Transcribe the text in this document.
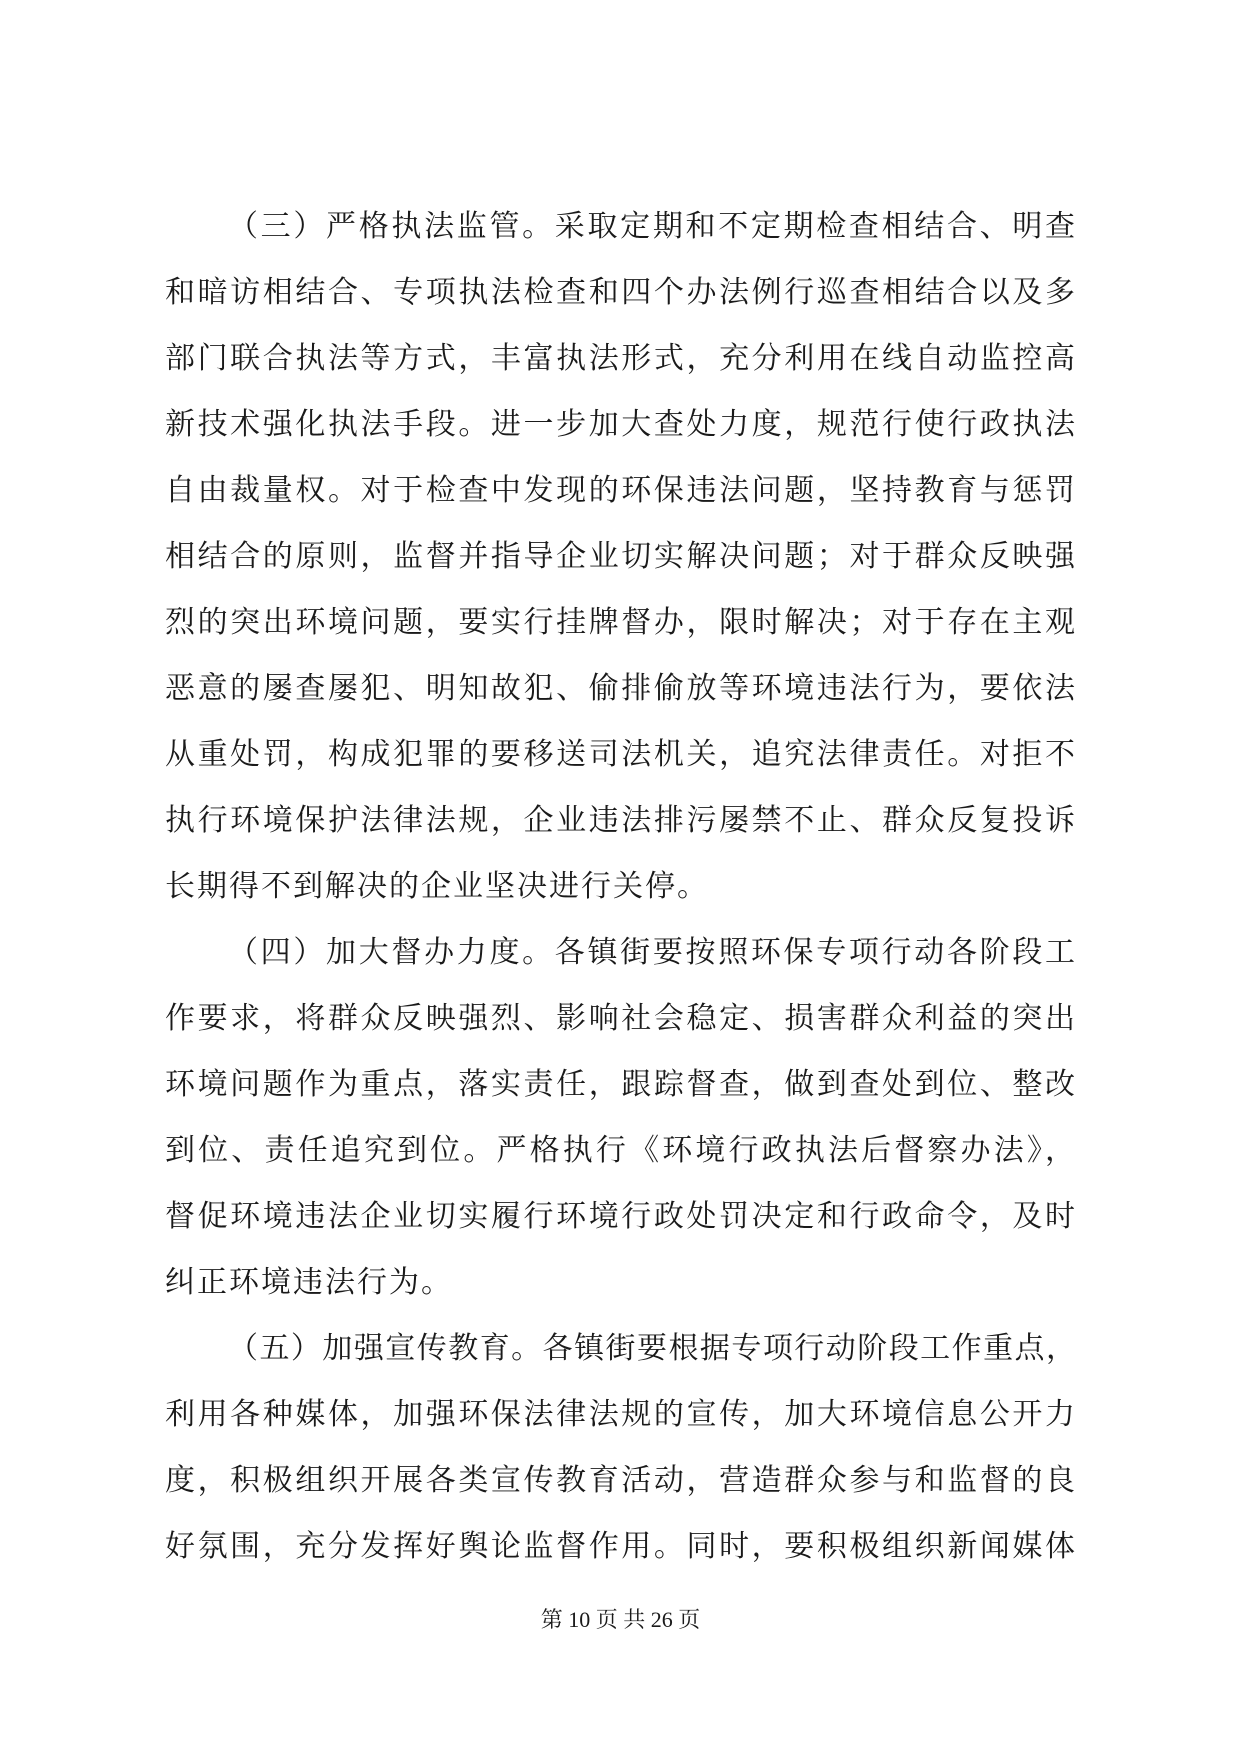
（三）严格执法监管。采取定期和不定期检查相结合、明查
和暗访相结合、专项执法检查和四个办法例行巡查相结合以及多
部门联合执法等方式，丰富执法形式，充分利用在线自动监控高
新技术强化执法手段。进一步加大查处力度，规范行使行政执法
自由裁量权。对于检查中发现的环保违法问题，坚持教育与惩罚
相结合的原则，监督并指导企业切实解决问题；对于群众反映强
烈的突出环境问题，要实行挂牌督办，限时解决；对于存在主观
恶意的屡查屡犯、明知故犯、偷排偷放等环境违法行为，要依法
从重处罚，构成犯罪的要移送司法机关，追究法律责任。对拒不
执行环境保护法律法规，企业违法排污屡禁不止、群众反复投诉
长期得不到解决的企业坚决进行关停。
（四）加大督办力度。各镇街要按照环保专项行动各阶段工
作要求，将群众反映强烈、影响社会稳定、损害群众利益的突出
环境问题作为重点，落实责任，跟踪督查，做到查处到位、整改
到位、责任追究到位。严格执行《环境行政执法后督察办法》，
督促环境违法企业切实履行环境行政处罚决定和行政命令，及时
纠正环境违法行为。
（五）加强宣传教育。各镇街要根据专项行动阶段工作重点，
利用各种媒体，加强环保法律法规的宣传，加大环境信息公开力
度，积极组织开展各类宣传教育活动，营造群众参与和监督的良
好氛围，充分发挥好舆论监督作用。同时，要积极组织新闻媒体
第 10 页 共 26 页
